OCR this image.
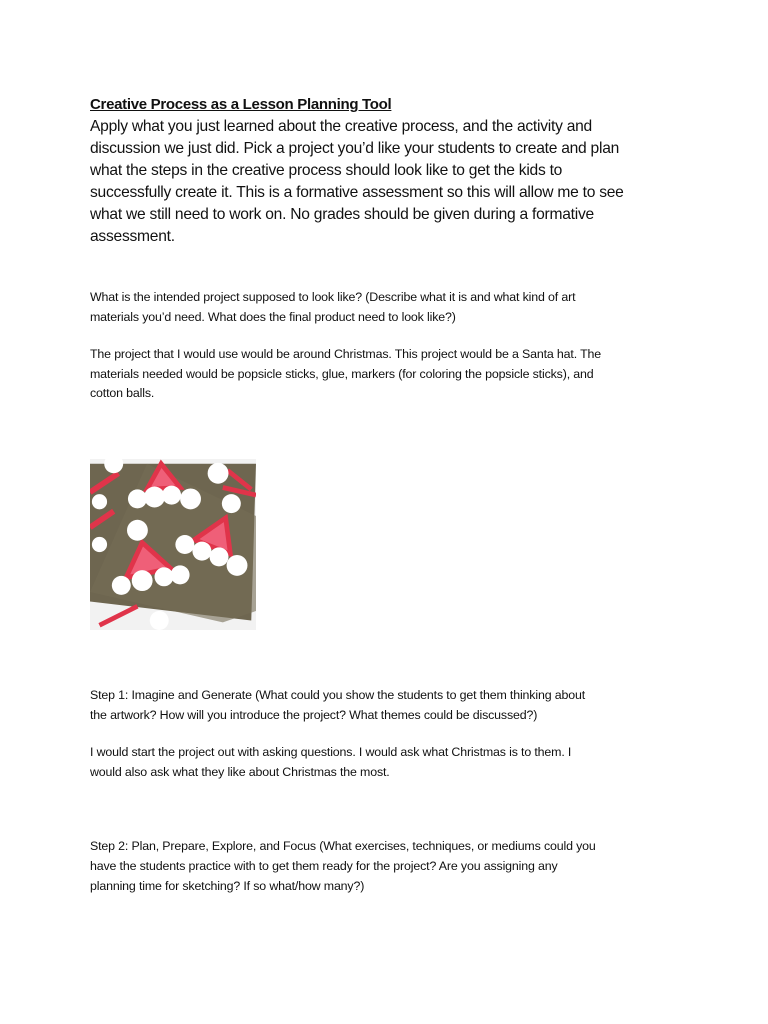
Creative Process as a Lesson Planning Tool
Apply what you just learned about the creative process, and the activity and
discussion we just did. Pick a project you’d like your students to create and plan
what the steps in the creative process should look like to get the kids to
successfully create it. This is a formative assessment so this will allow me to see
what we still need to work on. No grades should be given during a formative
assessment.
What is the intended project supposed to look like? (Describe what it is and what kind of art
materials you’d need. What does the final product need to look like?)
The project that I would use would be around Christmas. This project would be a Santa hat. The
materials needed would be popsicle sticks, glue, markers (for coloring the popsicle sticks), and
cotton balls.
Step 1: Imagine and Generate (What could you show the students to get them thinking about
the artwork? How will you introduce the project? What themes could be discussed?)
I would start the project out with asking questions. I would ask what Christmas is to them. I
would also ask what they like about Christmas the most.
Step 2: Plan, Prepare, Explore, and Focus (What exercises, techniques, or mediums could you
have the students practice with to get them ready for the project? Are you assigning any
planning time for sketching? If so what/how many?)
